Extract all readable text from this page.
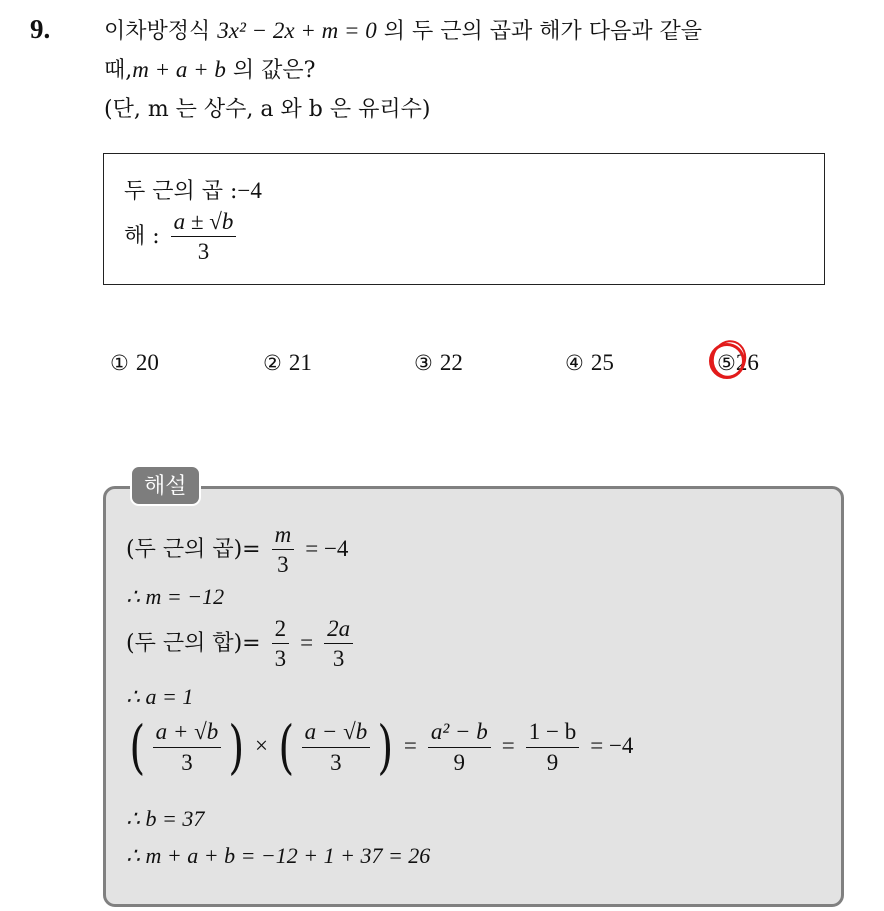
9. 이차방정식 3x² − 2x + m = 0 의 두 근의 곱과 해가 다음과 같을
때,m + a + b 의 값은?
(단, m 는 상수, a 와 b 은 유리수)
두 근의 곱 :−4
해 : $\frac{a \pm √b}{3}$
① 20	② 21	③ 22	④ 25	⑤26
해설
(두 근의 곱)= $\frac{m}{3} = -4$
∴ m = −12
(두 근의 합)= $\frac{2}{3} = \frac{2a}{3}$
∴ a = 1
( $\frac{a + √b}{3}$ ) × ( $\frac{a - √b}{3}$ ) = $\frac{\text{a² − b}}{9} = \frac{1 - b}{9} = -4$
∴ b = 37
∴ m + a + b = −12 + 1 + 37 = 26
